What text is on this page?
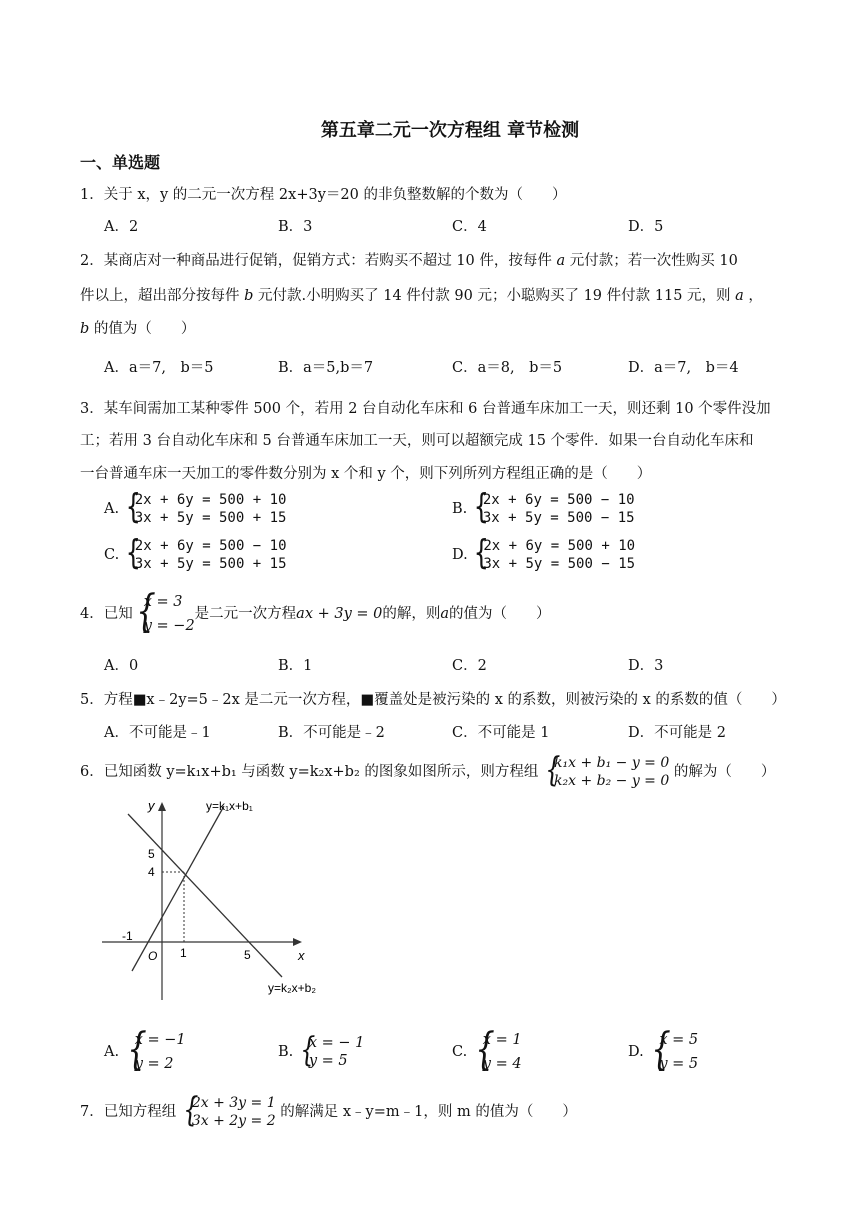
第五章二元一次方程组 章节检测
一、单选题
1．关于 x，y 的二元一次方程 2x+3y＝20 的非负整数解的个数为（　　）
A．2	B．3	C．4	D．5
2．某商店对一种商品进行促销，促销方式：若购买不超过 10 件，按每件 a 元付款；若一次性购买 10
件以上，超出部分按每件 b 元付款.小明购买了 14 件付款 90 元；小聪购买了 19 件付款 115 元，则 a ，
b 的值为（　　）
A．a＝7,　b＝5	B．a＝5,b＝7	C．a＝8,　b＝5	D．a＝7,　b＝4
3．某车间需加工某种零件 500 个，若用 2 台自动化车床和 6 台普通车床加工一天，则还剩 10 个零件没加
工；若用 3 台自动化车床和 5 台普通车床加工一天，则可以超额完成 15 个零件．如果一台自动化车床和
一台普通车床一天加工的零件数分别为 x 个和 y 个，则下列所列方程组正确的是（　　）
A.
{ 2x + 6y = 500 + 10
3x + 5y = 500 + 15
B.
{ 2x + 6y = 500 − 10
3x + 5y = 500 − 15
C.
{ 2x + 6y = 500 − 10
3x + 5y = 500 + 15
D.
{ 2x + 6y = 500 + 10
3x + 5y = 500 − 15
4．已知
{ x = 3
y = −2
是二元一次方程ax + 3y = 0的解，则a的值为（　　）
A．0	B．1	C．2	D．3
5．方程■x﹣2y=5﹣2x 是二元一次方程，■覆盖处是被污染的 x 的系数，则被污染的 x 的系数的值（　　）
A．不可能是﹣1	B．不可能是﹣2	C．不可能是 1	D．不可能是 2
6．已知函数 y=k₁x+b₁ 与函数 y=k₂x+b₂ 的图象如图所示，则方程组
{ k₁x + b₁ − y = 0
k₂x + b₂ − y = 0
的解为（　　）
y
x
y=k₁x+b₁
y=k₂x+b₂
5
4
1	5
-1
O
A.
{ x = −1
y = 2
B.
{ x = − 1
y = 5
C.
{ x = 1
y = 4
D.
{ x = 5
y = 5
7．已知方程组
{ 2x + 3y = 1
3x + 2y = 2
的解满足 x﹣y=m﹣1，则 m 的值为（　　）
